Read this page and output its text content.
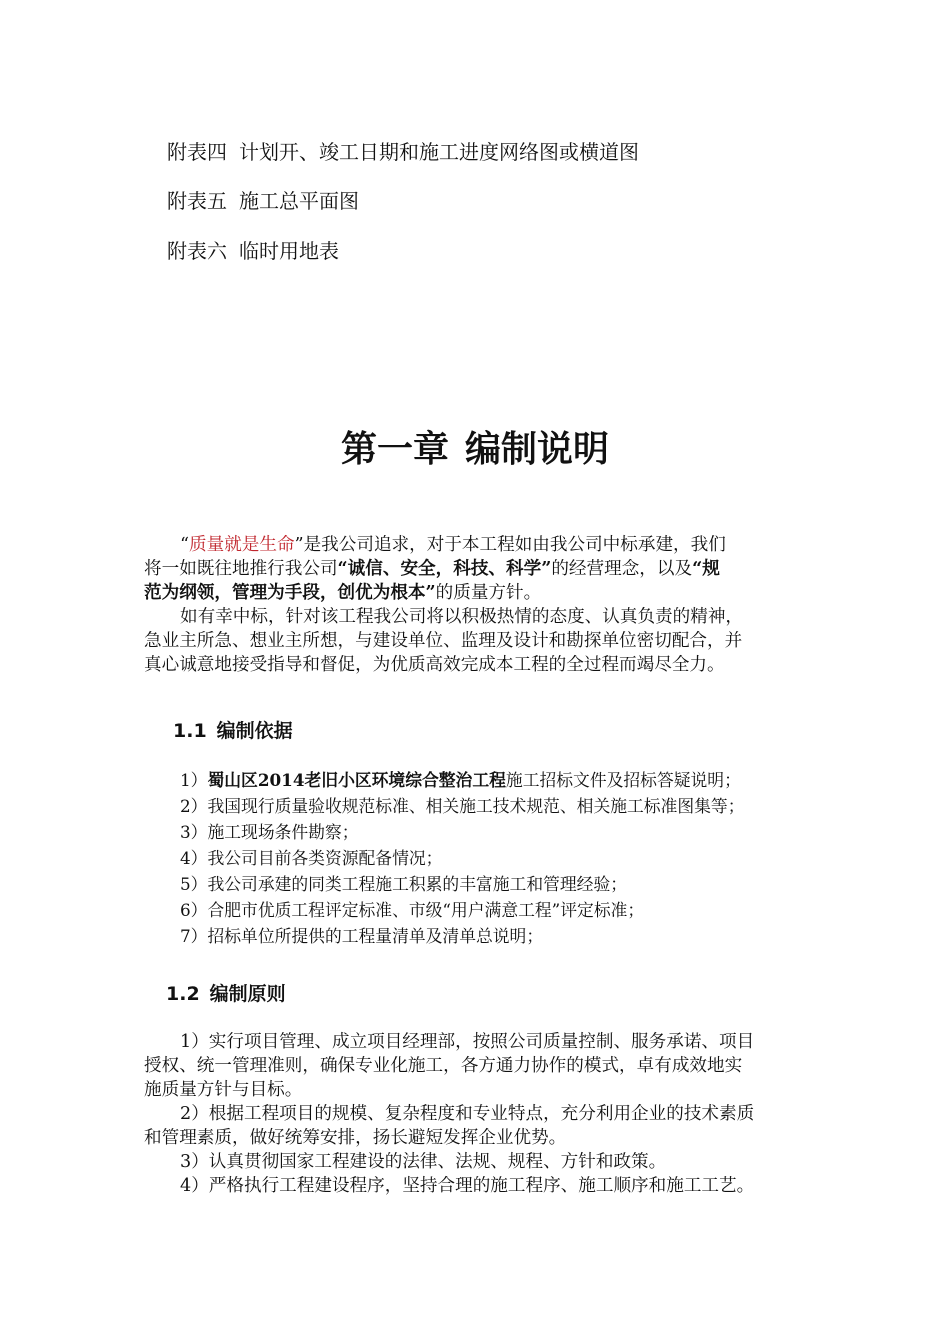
附表四 计划开、竣工日期和施工进度网络图或横道图
附表五 施工总平面图
附表六 临时用地表
第一章 编制说明
“质量就是生命”是我公司追求，对于本工程如由我公司中标承建，我们
将一如既往地推行我公司“诚信、安全，科技、科学”的经营理念，以及“规
范为纲领，管理为手段，创优为根本”的质量方针。
如有幸中标，针对该工程我公司将以积极热情的态度、认真负责的精神，
急业主所急、想业主所想，与建设单位、监理及设计和勘探单位密切配合，并
真心诚意地接受指导和督促，为优质高效完成本工程的全过程而竭尽全力。
1.1 编制依据
1）蜀山区2014老旧小区环境综合整治工程施工招标文件及招标答疑说明；
2）我国现行质量验收规范标准、相关施工技术规范、相关施工标准图集等；
3）施工现场条件勘察；
4）我公司目前各类资源配备情况；
5）我公司承建的同类工程施工积累的丰富施工和管理经验；
6）合肥市优质工程评定标准、市级“用户满意工程”评定标准；
7）招标单位所提供的工程量清单及清单总说明；
1.2 编制原则
1）实行项目管理、成立项目经理部，按照公司质量控制、服务承诺、项目
授权、统一管理准则，确保专业化施工，各方通力协作的模式，卓有成效地实
施质量方针与目标。
2）根据工程项目的规模、复杂程度和专业特点，充分利用企业的技术素质
和管理素质，做好统筹安排，扬长避短发挥企业优势。
3）认真贯彻国家工程建设的法律、法规、规程、方针和政策。
4）严格执行工程建设程序，坚持合理的施工程序、施工顺序和施工工艺。
